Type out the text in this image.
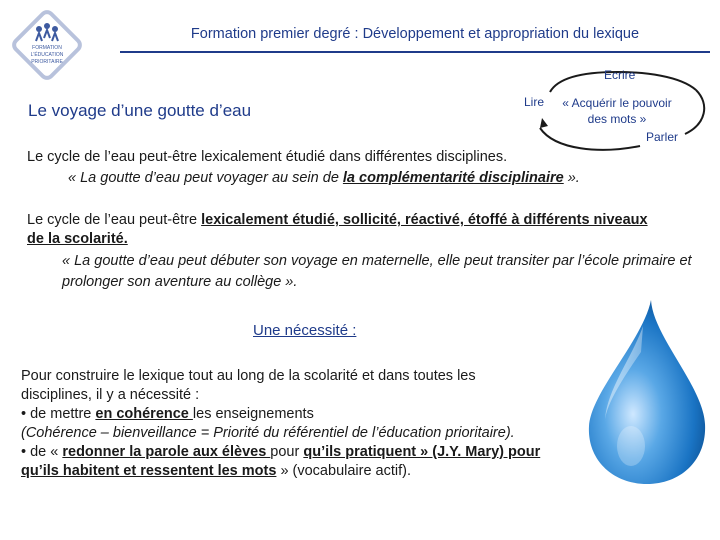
FORMATION
L'ÉDUCATION
PRIORITAIRE
Formation premier degré : Développement et appropriation du lexique
Le voyage d’une goutte d’eau
Ecrire
Lire
Parler
« Acquérir le pouvoir
des mots »
Le cycle de l’eau peut-être lexicalement étudié dans différentes disciplines.
« La goutte d’eau peut voyager au sein de la complémentarité disciplinaire ».
Le cycle de l’eau peut-être lexicalement étudié, sollicité, réactivé, étoffé à différents niveaux de la scolarité.
« La goutte d’eau peut débuter son voyage en maternelle, elle peut transiter par l’école primaire et prolonger son aventure au collège ».
Une nécessité :
Pour construire le lexique tout au long de la scolarité et dans toutes les
disciplines, il y a nécessité :
• de mettre en cohérence les enseignements
(Cohérence – bienveillance = Priorité du référentiel de l’éducation prioritaire).
• de « redonner la parole aux élèves pour qu’ils pratiquent » (J.Y. Mary) pour
qu’ils habitent et ressentent les mots » (vocabulaire actif).
